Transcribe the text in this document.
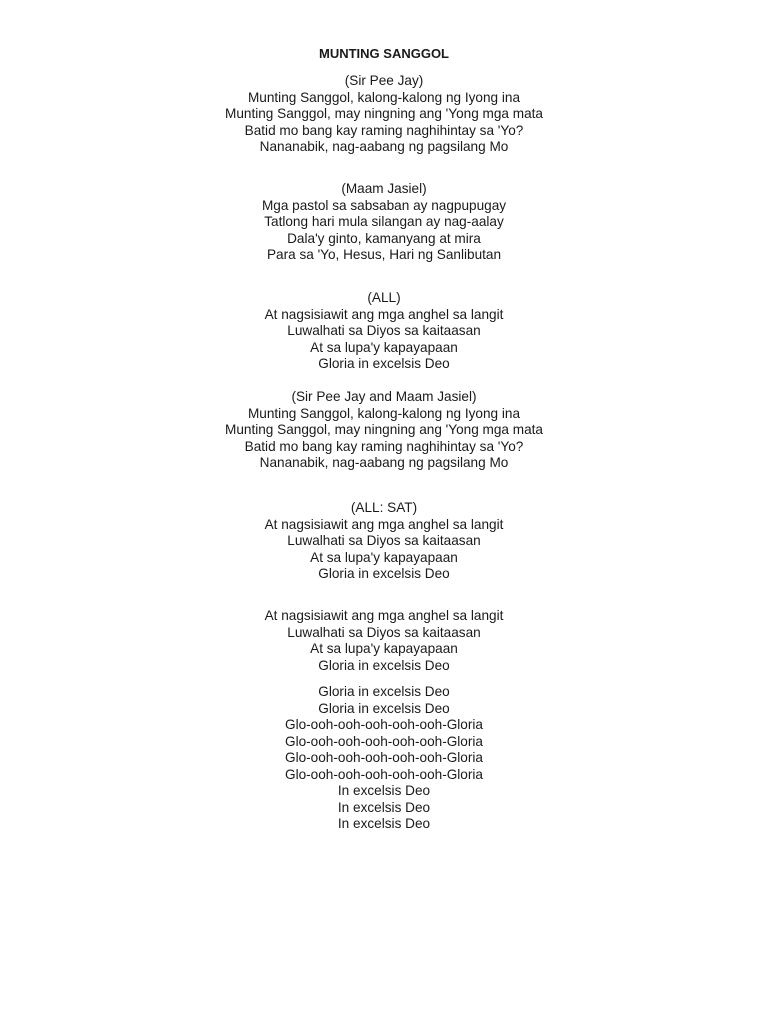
MUNTING SANGGOL
(Sir Pee Jay)
Munting Sanggol, kalong-kalong ng Iyong ina
Munting Sanggol, may ningning ang 'Yong mga mata
Batid mo bang kay raming naghihintay sa 'Yo?
Nananabik, nag-aabang ng pagsilang Mo
(Maam Jasiel)
Mga pastol sa sabsaban ay nagpupugay
Tatlong hari mula silangan ay nag-aalay
Dala'y ginto, kamanyang at mira
Para sa 'Yo, Hesus, Hari ng Sanlibutan
(ALL)
At nagsisiawit ang mga anghel sa langit
Luwalhati sa Diyos sa kaitaasan
At sa lupa'y kapayapaan
Gloria in excelsis Deo
(Sir Pee Jay and Maam Jasiel)
Munting Sanggol, kalong-kalong ng Iyong ina
Munting Sanggol, may ningning ang 'Yong mga mata
Batid mo bang kay raming naghihintay sa 'Yo?
Nananabik, nag-aabang ng pagsilang Mo
(ALL: SAT)
At nagsisiawit ang mga anghel sa langit
Luwalhati sa Diyos sa kaitaasan
At sa lupa'y kapayapaan
Gloria in excelsis Deo
At nagsisiawit ang mga anghel sa langit
Luwalhati sa Diyos sa kaitaasan
At sa lupa'y kapayapaan
Gloria in excelsis Deo
Gloria in excelsis Deo
Gloria in excelsis Deo
Glo-ooh-ooh-ooh-ooh-ooh-Gloria
Glo-ooh-ooh-ooh-ooh-ooh-Gloria
Glo-ooh-ooh-ooh-ooh-ooh-Gloria
Glo-ooh-ooh-ooh-ooh-ooh-Gloria
In excelsis Deo
In excelsis Deo
In excelsis Deo
